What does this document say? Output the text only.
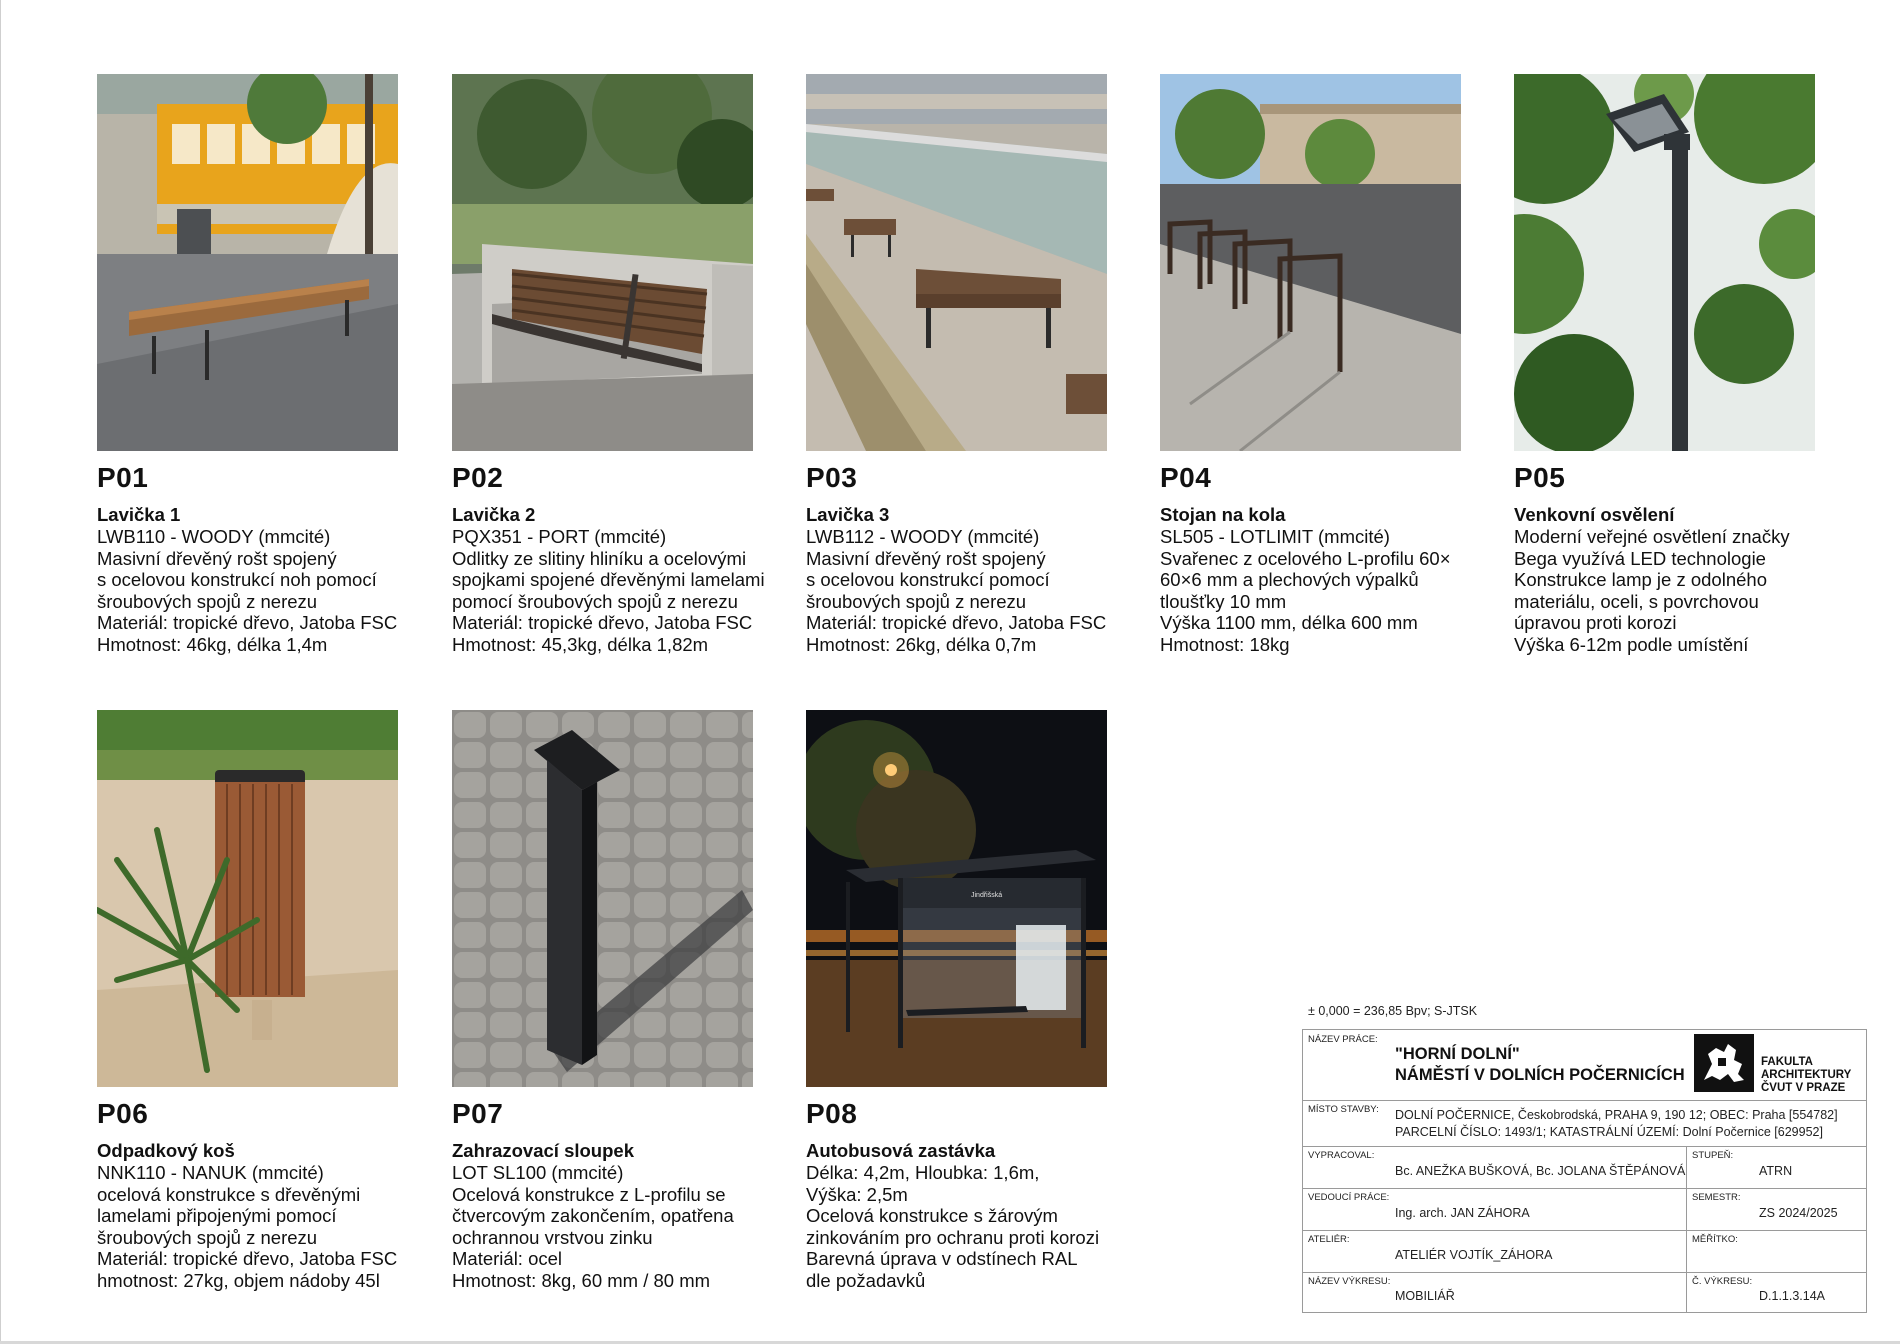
P01
Lavička 1
LWB110 - WOODY (mmcité)
Masivní dřevěný rošt spojený
s ocelovou konstrukcí noh pomocí
šroubových spojů z nerezu
Materiál: tropické dřevo, Jatoba FSC
Hmotnost: 46kg, délka 1,4m
P02
Lavička 2
PQX351 - PORT (mmcité)
Odlitky ze slitiny hliníku a ocelovými
spojkami spojené dřevěnými lamelami
pomocí šroubových spojů z nerezu
Materiál: tropické dřevo, Jatoba FSC
Hmotnost: 45,3kg, délka 1,82m
P03
Lavička 3
LWB112 - WOODY (mmcité)
Masivní dřevěný rošt spojený
s ocelovou konstrukcí pomocí
šroubových spojů z nerezu
Materiál: tropické dřevo, Jatoba FSC
Hmotnost: 26kg, délka 0,7m
P04
Stojan na kola
SL505 - LOTLIMIT (mmcité)
Svařenec z ocelového L-profilu 60×
60×6 mm a plechových výpalků
tloušťky 10 mm
Výška 1100 mm, délka 600 mm
Hmotnost: 18kg
P05
Venkovní osvělení
Moderní veřejné osvětlení značky
Bega využívá LED technologie
Konstrukce lamp je z odolného
materiálu, oceli, s povrchovou
úpravou proti korozi
Výška 6-12m podle umístění
P06
Odpadkový koš
NNK110 - NANUK (mmcité)
ocelová konstrukce s dřevěnými
lamelami připojenými pomocí
šroubových spojů z nerezu
Materiál: tropické dřevo, Jatoba FSC
hmotnost: 27kg, objem nádoby 45l
P07
Zahrazovací sloupek
LOT SL100 (mmcité)
Ocelová konstrukce z L-profilu se
čtvercovým zakončením, opatřena
ochrannou vrstvou zinku
Materiál: ocel
Hmotnost: 8kg, 60 mm / 80 mm
Jindřišská
P08
Autobusová zastávka
Délka: 4,2m, Hloubka: 1,6m,
Výška: 2,5m
Ocelová konstrukce s žárovým
zinkováním pro ochranu proti korozi
Barevná úprava v odstínech RAL
dle požadavků
± 0,000 = 236,85 Bpv; S-JTSK
NÁZEV PRÁCE:
"HORNÍ DOLNÍ"
NÁMĚSTÍ V DOLNÍCH POČERNICÍCH
FAKULTA
ARCHITEKTURY
ČVUT V PRAZE
MÍSTO STAVBY: DOLNÍ POČERNICE, Českobrodská, PRAHA 9, 190 12; OBEC: Praha [554782]
PARCELNÍ ČÍSLO: 1493/1; KATASTRÁLNÍ ÚZEMÍ: Dolní Počernice [629952]
VYPRACOVAL:
Bc. ANEŽKA BUŠKOVÁ, Bc. JOLANA ŠTĚPÁNOVÁ
STUPEŇ:
ATRN
VEDOUCÍ PRÁCE:
Ing. arch. JAN ZÁHORA
SEMESTR:
ZS 2024/2025
ATELIÉR:
ATELIÉR VOJTÍK_ZÁHORA
MĚŘÍTKO:
NÁZEV VÝKRESU:
MOBILIÁŘ
Č. VÝKRESU:
D.1.1.3.14A
